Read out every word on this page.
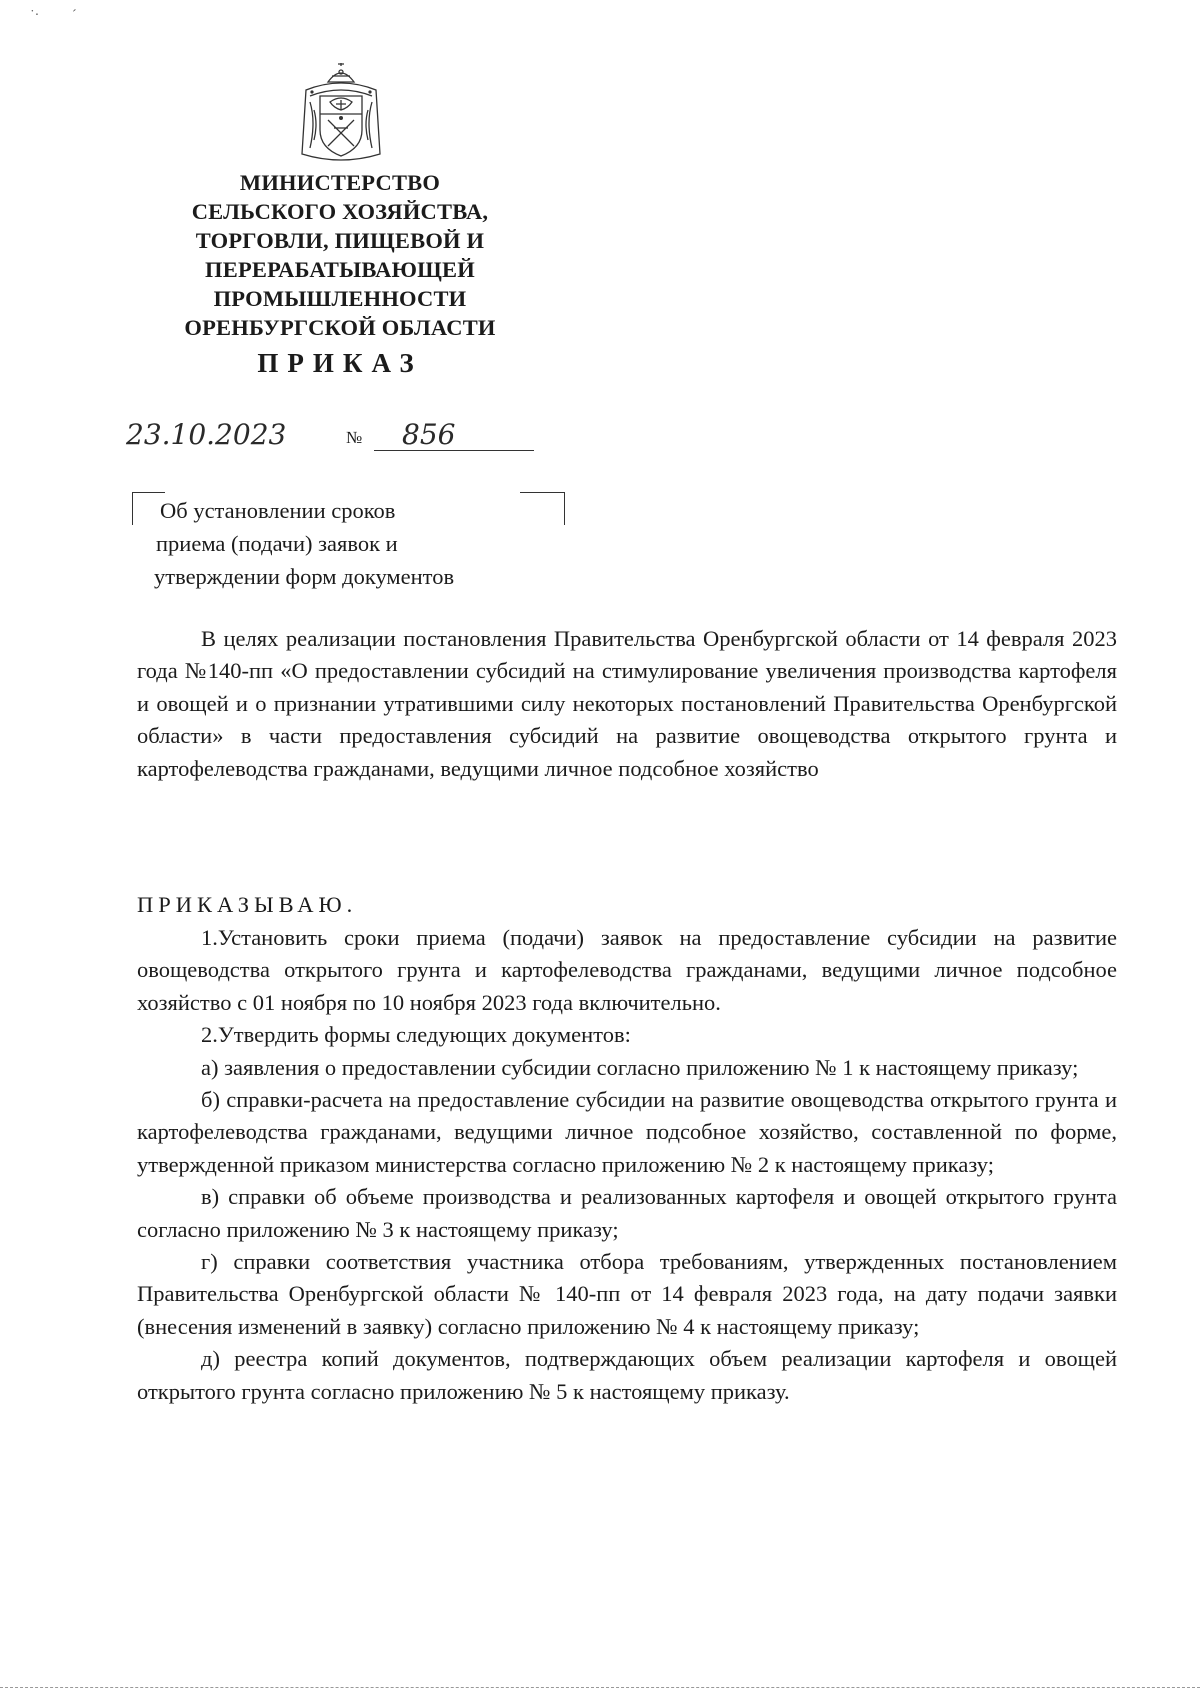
˙· ˊ
МИНИСТЕРСТВО
СЕЛЬСКОГО ХОЗЯЙСТВА,
ТОРГОВЛИ, ПИЩЕВОЙ И
ПЕРЕРАБАТЫВАЮЩЕЙ
ПРОМЫШЛЕННОСТИ
ОРЕНБУРГСКОЙ ОБЛАСТИ
ПРИКАЗ
23.10.2023	№ 856
Об установлении сроков
приема (подачи) заявок и
утверждении форм документов

В целях реализации постановления Правительства Оренбургской области от 14 февраля 2023 года №140-пп «О предоставлении субсидий на стимулирование увеличения производства картофеля и овощей и о признании утратившими силу некоторых постановлений Правительства Оренбургской области» в части предоставления субсидий на развитие овощеводства открытого грунта и картофелеводства гражданами, ведущими личное подсобное хозяйство

ПРИКАЗЫВАЮ.

1.Установить сроки приема (подачи) заявок на предоставление субсидии на развитие овощеводства открытого грунта и картофелеводства гражданами, ведущими личное подсобное хозяйство с 01 ноября по 10 ноября 2023 года включительно.

2.Утвердить формы следующих документов:

а) заявления о предоставлении субсидии согласно приложению № 1 к настоящему приказу;

б) справки-расчета на предоставление субсидии на развитие овощеводства открытого грунта и картофелеводства гражданами, ведущими личное подсобное хозяйство, составленной по форме, утвержденной приказом министерства согласно приложению № 2 к настоящему приказу;

в) справки об объеме производства и реализованных картофеля и овощей открытого грунта согласно приложению № 3 к настоящему приказу;

г) справки соответствия участника отбора требованиям, утвержденных постановлением Правительства Оренбургской области № 140-пп от 14 февраля 2023 года, на дату подачи заявки (внесения изменений в заявку) согласно приложению № 4 к настоящему приказу;

д) реестра копий документов, подтверждающих объем реализации картофеля и овощей открытого грунта согласно приложению № 5 к настоящему приказу.
